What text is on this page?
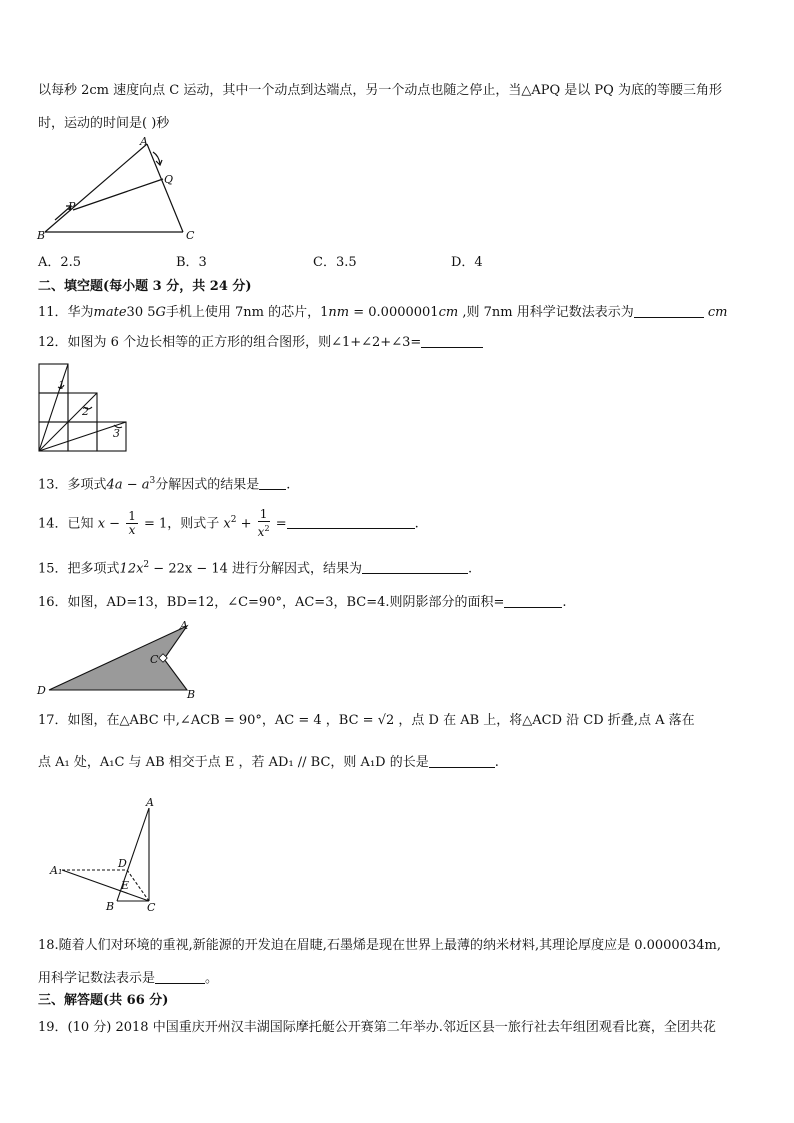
以每秒 2cm 速度向点 C 运动，其中一个动点到达端点，另一个动点也随之停止，当△APQ 是以 PQ 为底的等腰三角形
时，运动的时间是( )秒
A
B	C
P
Q
A．2.5	B．3	C．3.5	D．4
二、填空题(每小题 3 分，共 24 分)
11．华为mate30 5G手机上使用 7nm 的芯片，1nm = 0.0000001cm ,则 7nm 用科学记数法表示为	cm
12．如图为 6 个边长相等的正方形的组合图形，则∠1+∠2+∠3=
1
2
3
13．多项式$4a - a^3$分解因式的结果是 .
14．已知 $x - \frac{1}{x} = 1$，则式子 $x^2 + \frac{1}{x^2}$ =	.
15．把多项式$12x^2 - 22x - 14$ 进行分解因式，结果为	.
16．如图，AD=13，BD=12，∠C=90°，AC=3，BC=4.则阴影部分的面积=	.
A
B
C
D
17．如图，在△ABC 中,∠ACB = 90°，AC = 4 ，BC = √2 ，点 D 在 AB 上，将△ACD 沿 CD 折叠,点 A 落在
点 A₁ 处，A₁C 与 AB 相交于点 E ，若 AD₁ // BC，则 A₁D 的长是	.
A
A₁
B	C
D
E
18.随着人们对环境的重视,新能源的开发迫在眉睫,石墨烯是现在世界上最薄的纳米材料,其理论厚度应是 0.0000034m,
用科学记数法表示是	。
三、解答题(共 66 分)
19．(10 分) 2018 中国重庆开州汉丰湖国际摩托艇公开赛第二年举办.邻近区县一旅行社去年组团观看比赛，全团共花
